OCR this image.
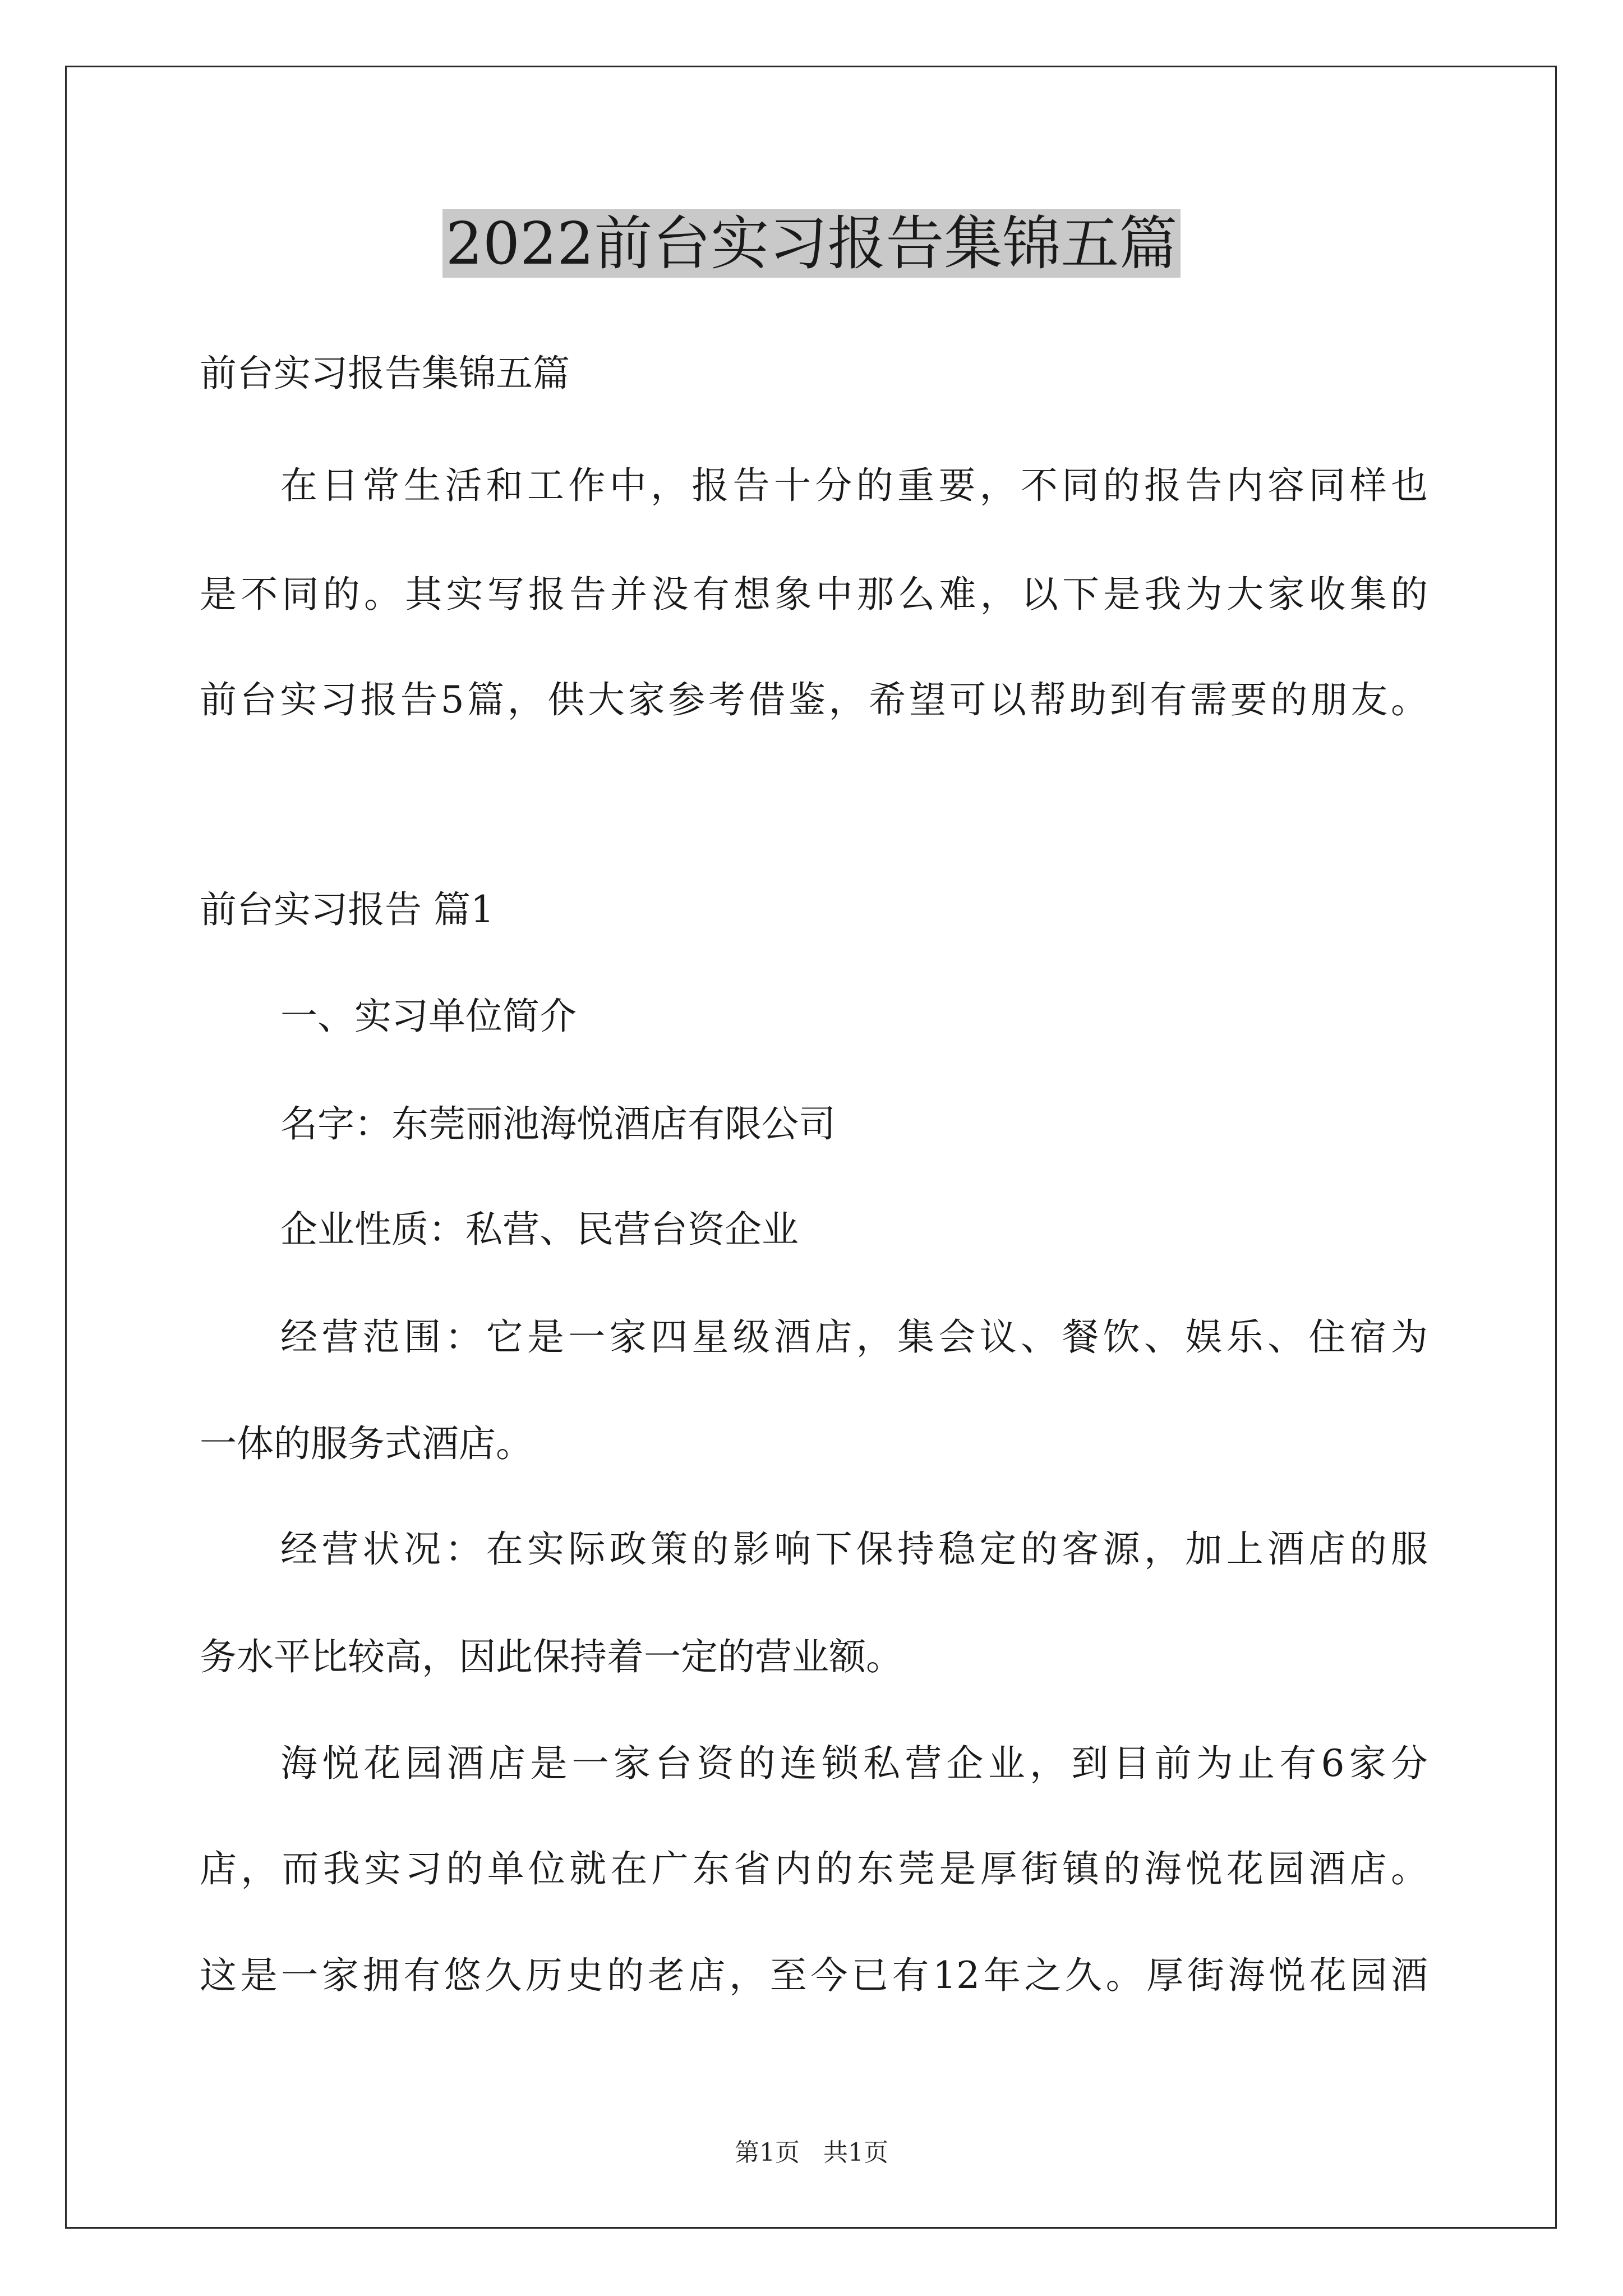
2022前台实习报告集锦五篇
前台实习报告集锦五篇
在日常生活和工作中，报告十分的重要，不同的报告内容同样也
是不同的。其实写报告并没有想象中那么难，以下是我为大家收集的
前台实习报告5篇，供大家参考借鉴，希望可以帮助到有需要的朋友。
前台实习报告 篇1
一、实习单位简介
名字：东莞丽池海悦酒店有限公司
企业性质：私营、民营台资企业
经营范围：它是一家四星级酒店，集会议、餐饮、娱乐、住宿为
一体的服务式酒店。
经营状况：在实际政策的影响下保持稳定的客源，加上酒店的服
务水平比较高，因此保持着一定的营业额。
海悦花园酒店是一家台资的连锁私营企业，到目前为止有6家分
店，而我实习的单位就在广东省内的东莞是厚街镇的海悦花园酒店。
这是一家拥有悠久历史的老店，至今已有12年之久。厚街海悦花园酒
第1页   共1页
